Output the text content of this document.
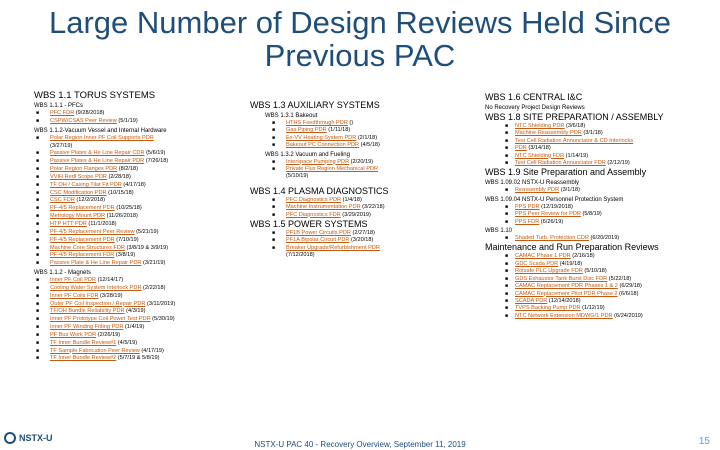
Large Number of Design Reviews Held Since Previous PAC
WBS 1.1 TORUS SYSTEMS
WBS 1.1.1 - PFCs
■ PFC FDR (9/28/2018)
■ CSPW/CSAS Peer Review (5/1/19)
WBS 1.1.2-Vacuum Vessel and Internal Hardware
■ Polar Region Inner PF Coil Supports PDR
(3/27/19)
■ Passive Plates & He Line Repair CDR (5/6/19)
■ Passive Plates & He Line Repair PDR (7/26/18)
■ Polar Region Flanges PDR (8/2/18)
■ VVIH Redl Scope PDR (2/28/18)
■ TF OH / Casing Tilat Fit PDR (4/17/18)
■ CSC Modification PDR (10/15/18)
■ CSC FDR (12/2/2018)
■ PF-4/5 Replacement PDR (10/25/18)
■ Metrology Mount PDR (11/26/2018)
■ HTP HTT PDR (11/1/2018)
■ PF-4/5 Replacement Peer Review (5/21/19)
■ PF-4/5 Replacement PDR (7/10/19)
■ Machine Core Structures FDR (3/8/19 & 3/9/19)
■ PF-4/5 Replacement FDR (3/8/19)
■ Passive Plate & He Line Repair PDR (3/21/19)
WBS 1.1.2 - Magnets
■ Inner PF Coil PDR (12/14/17)
■ Cooling Water System Interlock PDR (2/22/18)
■ Inner PF Coils FDR (3/28/19)
■ Outer PF Coil Inspection / Repair PDR (3/11/2019)
■ TF/OH Bundle Reliability PDR (4/3/19)
■ Inner PF Prototype Coil Power Test PDR (5/30/19)
■ Inner PF Winding Fitting PDR (1/4/19)
■ PF Bus Work PDR (2/26/19)
■ TF Inner Bundle Review#1 (4/5/19)
■ TF Sample Fabrication Peer Review (4/17/19)
■ TF Inner Bundle Review#2 (5/7/19 & 5/8/19)
WBS 1.3 AUXILIARY SYSTEMS
WBS 1.3.1 Bakeout
■ HTHS Feedthrough PDR ()
■ Gas Piping PDR (1/11/18)
■ Ex-VV Heating System PDR (2/1/18)
■ Bakeout PC Connection PDR (4/5/18)
WBS 1.3.2 Vacuum and Fueling
■ Interspace Pumping PDR (2/20/19)
■ Private Flux Region Mechanical PDR
(5/10/19)
WBS 1.4 PLASMA DIAGNOSTICS
■ PFC Diagnostics PDR (1/4/18)
■ Machine Instrumentation PDR (3/22/18)
■ PFC Diagnostics FDR (3/29/2019)
WBS 1.5 POWER SYSTEMS
■ PF1B Power Circuits PDR (2/27/18)
■ PF1A Bipolar Circuit PDR (3/20/18)
■ Breaker Upgrade/Refurbishment PDR
(7/12/2018)
WBS 1.6 CENTRAL I&C
No Recovery Project Design Reviews
WBS 1.8 SITE PREPARATION / ASSEMBLY
■ NTC Shielding PDR (3/6/18)
■ Machine Reassembly PDR (3/1/18)
■ Test Cell Radiation Annunciator & CD Interlocks
■ PDR (3/14/18)
■ NTC Shielding FDR (1/14/19)
■ Test Cell Radiation Annunciator FDR (2/12/19)
WBS 1.9 Site Preparation and Assembly
WBS 1.09.02 NSTX-U Reassembly
■ Reassembly PDR (3/1/18)
WBS 1.09.04 NSTX-U Personnel Protection System
■ PPS PDR (12/19/2018)
■ PPS Peer Review for PDR (5/8/19)
■ PPS FDR (6/26/19)
WBS 1.10
■ Shaded Turb. Protection CDR (6/20/2019)
Maintenance and Run Preparation Reviews
■ CAMAC Phase 1 PDR (2/16/18)
■ GDC Scada PDR (4/19/18)
■ Rotsafe PLC Upgrade FDR (5/10/18)
■ GDS Exhaustor Tank Burst Disc FDR (5/22/18)
■ CAMAC Replacement PDR Phases 1 & 2 (6/29/18)
■ CAMAC Replacement Pilot PDR Phase 2 (6/6/18)
■ SCADA PDR (12/14/2018)
■ TVPS Backing Pump PDR (1/12/19)
■ NTC Network Extension MDWG/1 PDR (6/24/2019)
NSTX-U
NSTX-U PAC 40 - Recovery Overview, September 11, 2019	15
